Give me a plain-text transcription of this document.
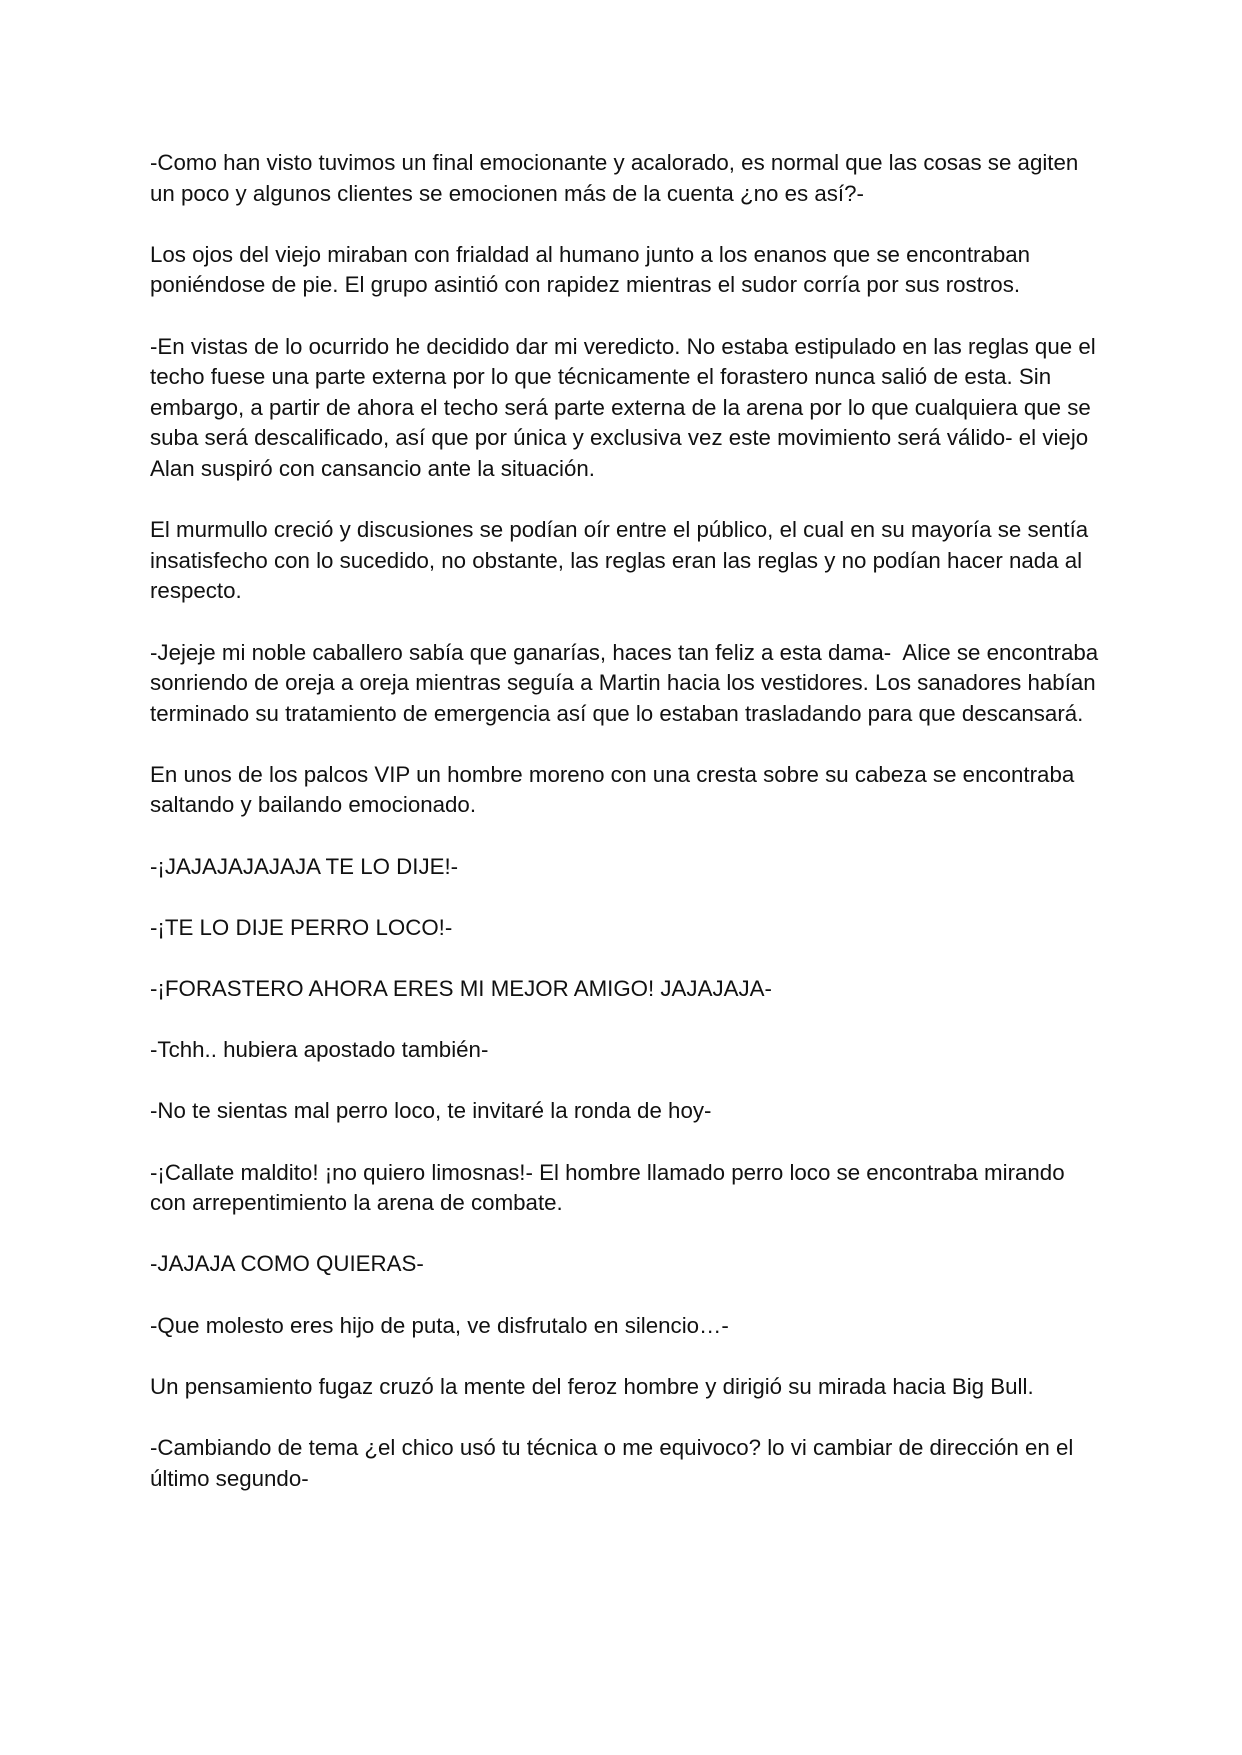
-Como han visto tuvimos un final emocionante y acalorado, es normal que las cosas se agiten un poco y algunos clientes se emocionen más de la cuenta ¿no es así?-

Los ojos del viejo miraban con frialdad al humano junto a los enanos que se encontraban poniéndose de pie. El grupo asintió con rapidez mientras el sudor corría por sus rostros.

-En vistas de lo ocurrido he decidido dar mi veredicto. No estaba estipulado en las reglas que el techo fuese una parte externa por lo que técnicamente el forastero nunca salió de esta. Sin embargo, a partir de ahora el techo será parte externa de la arena por lo que cualquiera que se suba será descalificado, así que por única y exclusiva vez este movimiento será válido- el viejo Alan suspiró con cansancio ante la situación.

El murmullo creció y discusiones se podían oír entre el público, el cual en su mayoría se sentía insatisfecho con lo sucedido, no obstante, las reglas eran las reglas y no podían hacer nada al respecto.

-Jejeje mi noble caballero sabía que ganarías, haces tan feliz a esta dama-  Alice se encontraba sonriendo de oreja a oreja mientras seguía a Martin hacia los vestidores. Los sanadores habían terminado su tratamiento de emergencia así que lo estaban trasladando para que descansará.

En unos de los palcos VIP un hombre moreno con una cresta sobre su cabeza se encontraba saltando y bailando emocionado.

-¡JAJAJAJAJAJA TE LO DIJE!-

-¡TE LO DIJE PERRO LOCO!-

-¡FORASTERO AHORA ERES MI MEJOR AMIGO! JAJAJAJA-

-Tchh.. hubiera apostado también-

-No te sientas mal perro loco, te invitaré la ronda de hoy-

-¡Callate maldito! ¡no quiero limosnas!- El hombre llamado perro loco se encontraba mirando con arrepentimiento la arena de combate.

-JAJAJA COMO QUIERAS-

-Que molesto eres hijo de puta, ve disfrutalo en silencio…-

Un pensamiento fugaz cruzó la mente del feroz hombre y dirigió su mirada hacia Big Bull.

-Cambiando de tema ¿el chico usó tu técnica o me equivoco? lo vi cambiar de dirección en el último segundo-
